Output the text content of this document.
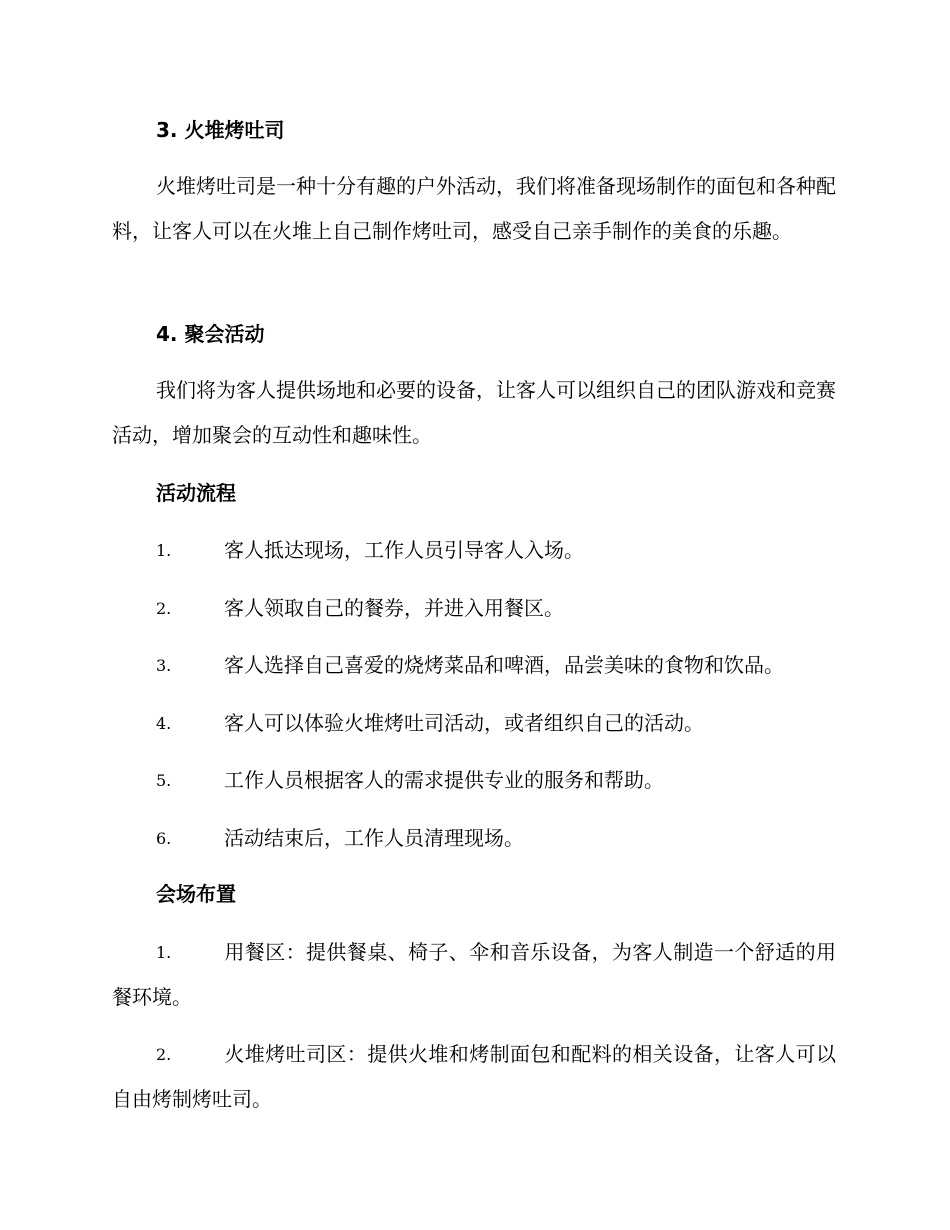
3. 火堆烤吐司
火堆烤吐司是一种十分有趣的户外活动，我们将准备现场制作的面包和各种配料，让客人可以在火堆上自己制作烤吐司，感受自己亲手制作的美食的乐趣。
4. 聚会活动
我们将为客人提供场地和必要的设备，让客人可以组织自己的团队游戏和竞赛活动，增加聚会的互动性和趣味性。
活动流程
1.	客人抵达现场，工作人员引导客人入场。
2.	客人领取自己的餐券，并进入用餐区。
3.	客人选择自己喜爱的烧烤菜品和啤酒，品尝美味的食物和饮品。
4.	客人可以体验火堆烤吐司活动，或者组织自己的活动。
5.	工作人员根据客人的需求提供专业的服务和帮助。
6.	活动结束后，工作人员清理现场。
会场布置
1.	用餐区：提供餐桌、椅子、伞和音乐设备，为客人制造一个舒适的用餐环境。
2.	火堆烤吐司区：提供火堆和烤制面包和配料的相关设备，让客人可以自由烤制烤吐司。
